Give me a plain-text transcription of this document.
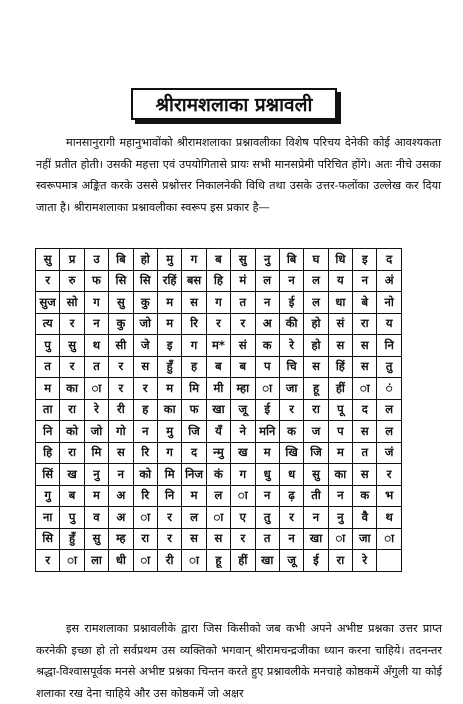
श्रीरामशलाका प्रश्नावली
मानसानुरागी महानुभावोंको श्रीरामशलाका प्रश्नावलीका विशेष परिचय देनेकी कोई आवश्यकता नहीं प्रतीत होती। उसकी महत्ता एवं उपयोगितासे प्रायः सभी मानसप्रेमी परिचित होंगे। अतः नीचे उसका स्वरूपमात्र अङ्कित करके उससे प्रश्नोत्तर निकालनेकी विधि तथा उसके उत्तर-फलोंका उल्लेख कर दिया जाता है। श्रीरामशलाका प्रश्नावलीका स्वरूप इस प्रकार है—
सु	प्र	उ	बि	हो	मु	ग	ब	सु	नु	बि	घ	धि	इ	द
र	रु	फ	सि	सि	रहिं	बस	हि	मं	ल	न	ल	य	न	अं
सुज	सो	ग	सु	कु	म	स	ग	त	न	ई	ल	धा	बे	नो
त्य	र	न	कु	जो	म	रि	र	र	अ	की	हो	सं	रा	य
पु	सु	थ	सी	जे	इ	ग	म*	सं	क	रे	हो	स	स	नि
त	र	त	र	स	हुँ	ह	ब	ब	प	चि	स	हिं	स	तु
म	का	ा	र	र	म	मि	मी	म्हा	ा	जा	हू	हीं	ा	ं
ता	रा	रे	री	ह	का	फ	खा	जू	ई	र	रा	पू	द	ल
नि	को	जो	गो	न	मु	जि	यँ	ने	मनि	क	ज	प	स	ल
हि	रा	मि	स	रि	ग	द	न्मु	ख	म	खि	जि	म	त	जं
सिं	ख	नु	न	को	मि	निज	कं	ग	धु	ध	सु	का	स	र
गु	ब	म	अ	रि	नि	म	ल	ा	न	ढ़	ती	न	क	भ
ना	पु	व	अ	ा	र	ल	ा	ए	तु	र	न	नु	वै	थ
सि	हुँ	सु	म्ह	रा	र	स	स	र	त	न	खा	ा	जा	ा
र	ा	ला	धी	ा	री	ा	हू	हीं	खा	जू	ई	रा	रे	
इस रामशलाका प्रश्नावलीके द्वारा जिस किसीको जब कभी अपने अभीष्ट प्रश्नका उत्तर प्राप्त करनेकी इच्छा हो तो सर्वप्रथम उस व्यक्तिको भगवान् श्रीरामचन्द्रजीका ध्यान करना चाहिये। तदनन्तर श्रद्धा-विश्वासपूर्वक मनसे अभीष्ट प्रश्नका चिन्तन करते हुए प्रश्नावलीके मनचाहे कोष्ठकमें अँगुली या कोई शलाका रख देना चाहिये और उस कोष्ठकमें जो अक्षर
